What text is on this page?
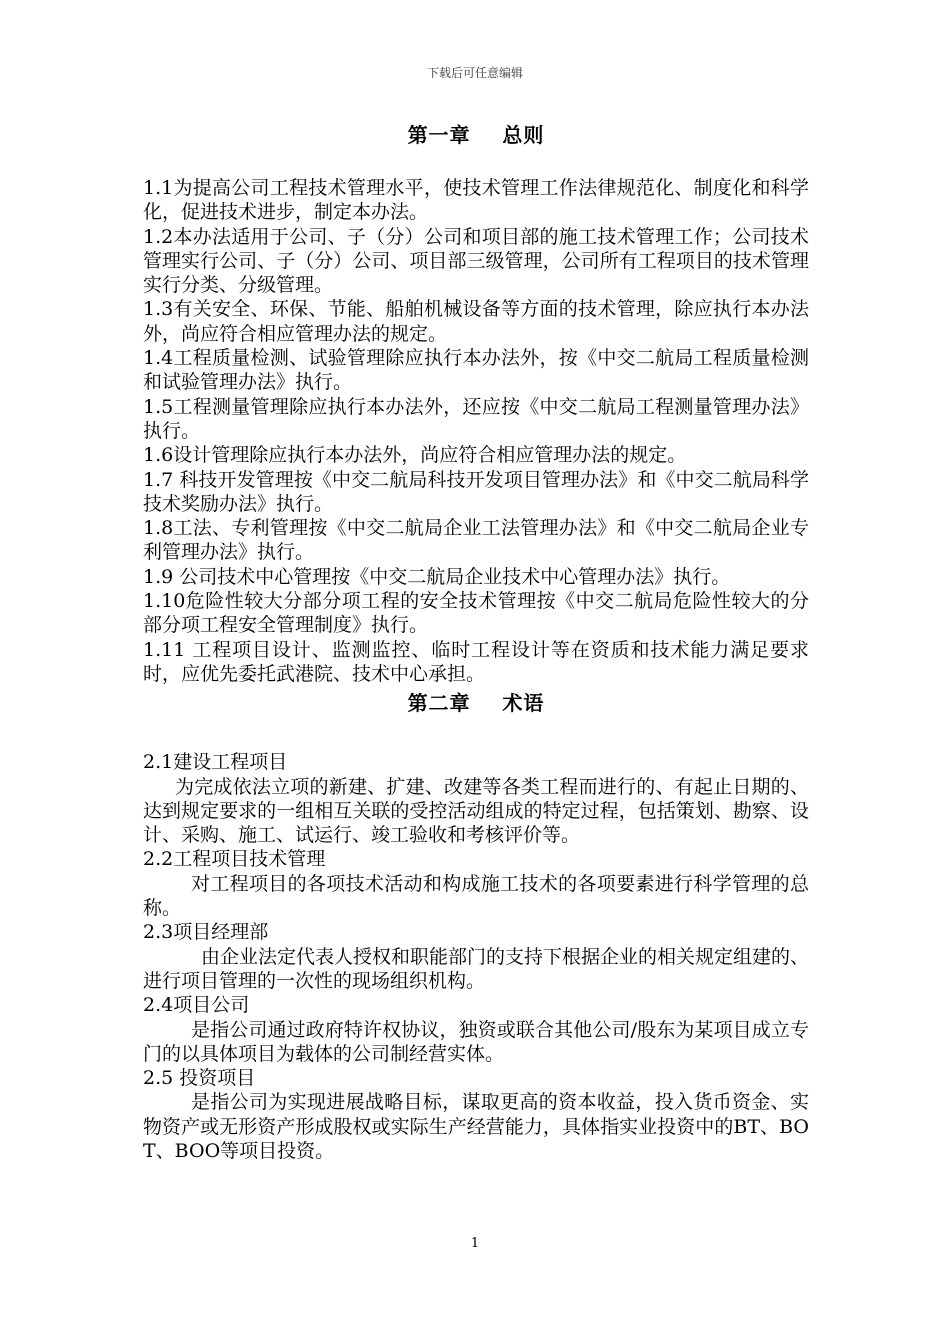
下载后可任意编辑
第一章    总则

1.1为提高公司工程技术管理水平，使技术管理工作法律规范化、制度化和科学化，促进技术进步，制定本办法。

1.2本办法适用于公司、子（分）公司和项目部的施工技术管理工作；公司技术管理实行公司、子（分）公司、项目部三级管理，公司所有工程项目的技术管理实行分类、分级管理。

1.3有关安全、环保、节能、船舶机械设备等方面的技术管理，除应执行本办法外，尚应符合相应管理办法的规定。

1.4工程质量检测、试验管理除应执行本办法外，按《中交二航局工程质量检测和试验管理办法》执行。

1.5工程测量管理除应执行本办法外，还应按《中交二航局工程测量管理办法》执行。

1.6设计管理除应执行本办法外，尚应符合相应管理办法的规定。

1.7 科技开发管理按《中交二航局科技开发项目管理办法》和《中交二航局科学技术奖励办法》执行。

1.8工法、专利管理按《中交二航局企业工法管理办法》和《中交二航局企业专利管理办法》执行。

1.9 公司技术中心管理按《中交二航局企业技术中心管理办法》执行。

1.10危险性较大分部分项工程的安全技术管理按《中交二航局危险性较大的分部分项工程安全管理制度》执行。

1.11 工程项目设计、监测监控、临时工程设计等在资质和技术能力满足要求时，应优先委托武港院、技术中心承担。

第二章    术语

2.1建设工程项目

为完成依法立项的新建、扩建、改建等各类工程而进行的、有起止日期的、达到规定要求的一组相互关联的受控活动组成的特定过程，包括策划、勘察、设计、采购、施工、试运行、竣工验收和考核评价等。

2.2工程项目技术管理

对工程项目的各项技术活动和构成施工技术的各项要素进行科学管理的总称。

2.3项目经理部

由企业法定代表人授权和职能部门的支持下根据企业的相关规定组建的、进行项目管理的一次性的现场组织机构。

2.4项目公司

是指公司通过政府特许权协议，独资或联合其他公司/股东为某项目成立专门的以具体项目为载体的公司制经营实体。

2.5 投资项目

是指公司为实现进展战略目标，谋取更高的资本收益，投入货币资金、实物资产或无形资产形成股权或实际生产经营能力，具体指实业投资中的BT、BOT、BOO等项目投资。

1
